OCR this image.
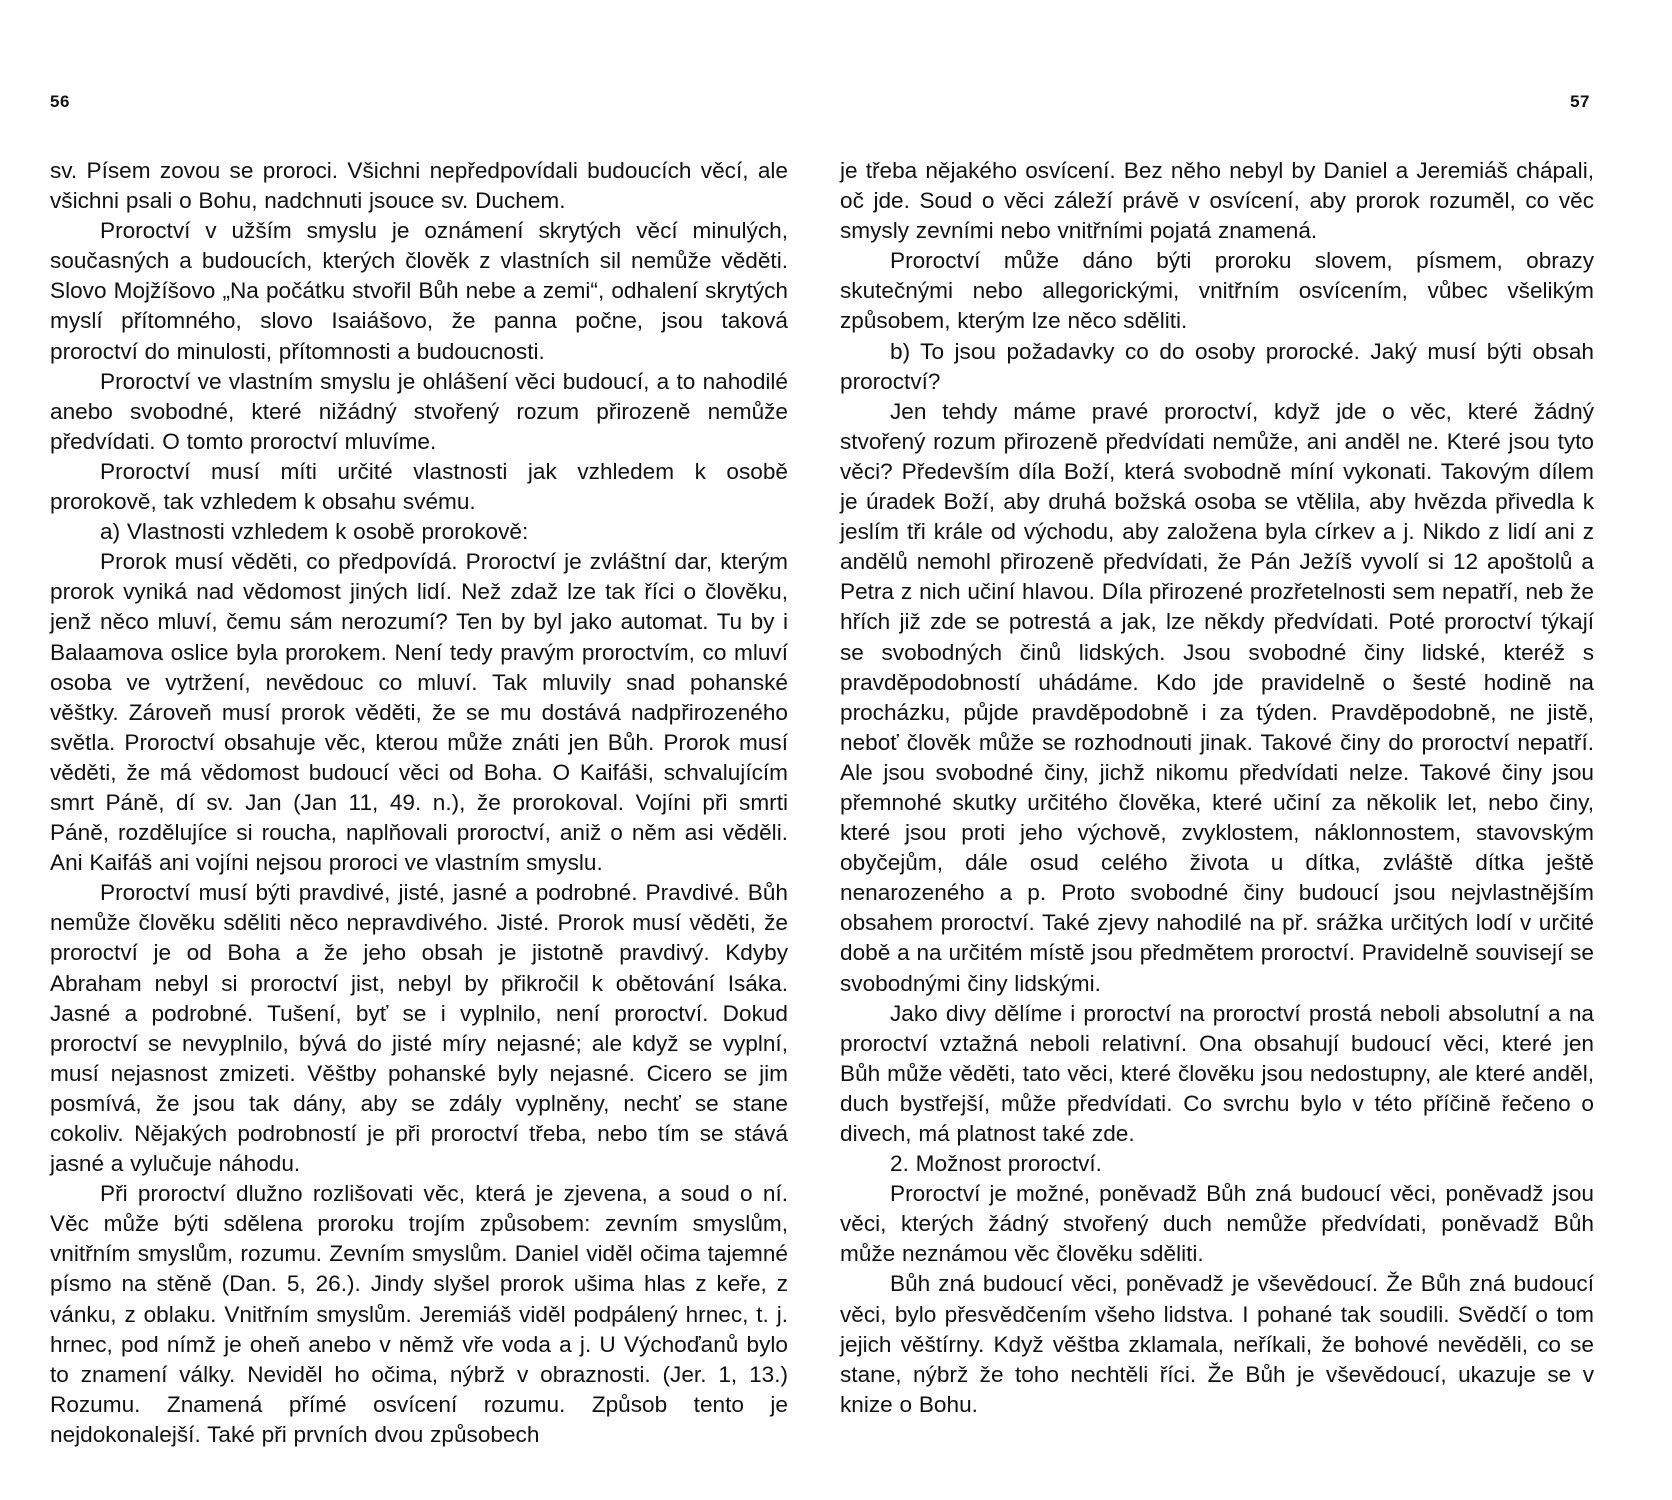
56

sv. Písem zovou se proroci. Všichni nepředpovídali budoucích věcí, ale všichni psali o Bohu, nadchnuti jsouce sv. Duchem.

Proroctví v užším smyslu je oznámení skrytých věcí minulých, současných a budoucích, kterých člověk z vlastních sil nemůže věděti. Slovo Mojžíšovo „Na počátku stvořil Bůh nebe a zemi“, odhalení skrytých myslí přítomného, slovo Isaiášovo, že panna počne, jsou taková proroctví do minulosti, přítomnosti a budoucnosti.

Proroctví ve vlastním smyslu je ohlášení věci budoucí, a to nahodilé anebo svobodné, které nižádný stvořený rozum přirozeně nemůže předvídati. O tomto proroctví mluvíme.

Proroctví musí míti určité vlastnosti jak vzhledem k osobě prorokově, tak vzhledem k obsahu svému.

a) Vlastnosti vzhledem k osobě prorokově:

Prorok musí věděti, co předpovídá. Proroctví je zvláštní dar, kterým prorok vyniká nad vědomost jiných lidí. Než zdaž lze tak říci o člověku, jenž něco mluví, čemu sám nerozumí? Ten by byl jako automat. Tu by i Balaamova oslice byla prorokem. Není tedy pravým proroctvím, co mluví osoba ve vytržení, nevědouc co mluví. Tak mluvily snad pohanské věštky. Zároveň musí prorok věděti, že se mu dostává nadpřirozeného světla. Proroctví obsahuje věc, kterou může znáti jen Bůh. Prorok musí věděti, že má vědomost budoucí věci od Boha. O Kaifáši, schvalujícím smrt Páně, dí sv. Jan (Jan 11, 49. n.), že prorokoval. Vojíni při smrti Páně, rozdělujíce si roucha, naplňovali proroctví, aniž o něm asi věděli. Ani Kaifáš ani vojíni nejsou proroci ve vlastním smyslu.

Proroctví musí býti pravdivé, jisté, jasné a podrobné. Pravdivé. Bůh nemůže člověku sděliti něco nepravdivého. Jisté. Prorok musí věděti, že proroctví je od Boha a že jeho obsah je jistotně pravdivý. Kdyby Abraham nebyl si proroctví jist, nebyl by přikročil k obětování Isáka. Jasné a podrobné. Tušení, byť se i vyplnilo, není proroctví. Dokud proroctví se nevyplnilo, bývá do jisté míry nejasné; ale když se vyplní, musí nejasnost zmizeti. Věštby pohanské byly nejasné. Cicero se jim posmívá, že jsou tak dány, aby se zdály vyplněny, nechť se stane cokoliv. Nějakých podrobností je při proroctví třeba, nebo tím se stává jasné a vylučuje náhodu.

Při proroctví dlužno rozlišovati věc, která je zjevena, a soud o ní. Věc může býti sdělena proroku trojím způsobem: zevním smyslům, vnitřním smyslům, rozumu. Zevním smyslům. Daniel viděl očima tajemné písmo na stěně (Dan. 5, 26.). Jindy slyšel prorok ušima hlas z keře, z vánku, z oblaku. Vnitřním smyslům. Jeremiáš viděl podpálený hrnec, t. j. hrnec, pod nímž je oheň anebo v němž vře voda a j. U Výchoďanů bylo to znamení války. Neviděl ho očima, nýbrž v obraznosti. (Jer. 1, 13.) Rozumu. Znamená přímé osvícení rozumu. Způsob tento je nejdokonalejší. Také při prvních dvou způsobech

57

je třeba nějakého osvícení. Bez něho nebyl by Daniel a Jeremiáš chápali, oč jde. Soud o věci záleží právě v osvícení, aby prorok rozuměl, co věc smysly zevními nebo vnitřními pojatá znamená.

Proroctví může dáno býti proroku slovem, písmem, obrazy skutečnými nebo allegorickými, vnitřním osvícením, vůbec všelikým způsobem, kterým lze něco sděliti.

b) To jsou požadavky co do osoby prorocké. Jaký musí býti obsah proroctví?

Jen tehdy máme pravé proroctví, když jde o věc, které žádný stvořený rozum přirozeně předvídati nemůže, ani anděl ne. Které jsou tyto věci? Především díla Boží, která svobodně míní vykonati. Takovým dílem je úradek Boží, aby druhá božská osoba se vtělila, aby hvězda přivedla k jeslím tři krále od východu, aby založena byla církev a j. Nikdo z lidí ani z andělů nemohl přirozeně předvídati, že Pán Ježíš vyvolí si 12 apoštolů a Petra z nich učiní hlavou. Díla přirozené prozřetelnosti sem nepatří, neb že hřích již zde se potrestá a jak, lze někdy předvídati. Poté proroctví týkají se svobodných činů lidských. Jsou svobodné činy lidské, kteréž s pravděpodobností uhádáme. Kdo jde pravidelně o šesté hodině na procházku, půjde pravděpodobně i za týden. Pravděpodobně, ne jistě, neboť člověk může se rozhodnouti jinak. Takové činy do proroctví nepatří. Ale jsou svobodné činy, jichž nikomu předvídati nelze. Takové činy jsou přemnohé skutky určitého člověka, které učiní za několik let, nebo činy, které jsou proti jeho výchově, zvyklostem, náklonnostem, stavovským obyčejům, dále osud celého života u dítka, zvláště dítka ještě nenarozeného a p. Proto svobodné činy budoucí jsou nejvlastnějším obsahem proroctví. Také zjevy nahodilé na př. srážka určitých lodí v určité době a na určitém místě jsou předmětem proroctví. Pravidelně souvisejí se svobodnými činy lidskými.

Jako divy dělíme i proroctví na proroctví prostá neboli absolutní a na proroctví vztažná neboli relativní. Ona obsahují budoucí věci, které jen Bůh může věděti, tato věci, které člověku jsou nedostupny, ale které anděl, duch bystřejší, může předvídati. Co svrchu bylo v této příčině řečeno o divech, má platnost také zde.

2. Možnost proroctví.

Proroctví je možné, poněvadž Bůh zná budoucí věci, poněvadž jsou věci, kterých žádný stvořený duch nemůže předvídati, poněvadž Bůh může neznámou věc člověku sděliti.

Bůh zná budoucí věci, poněvadž je vševědoucí. Že Bůh zná budoucí věci, bylo přesvědčením všeho lidstva. I pohané tak soudili. Svědčí o tom jejich věštírny. Když věštba zklamala, neříkali, že bohové nevěděli, co se stane, nýbrž že toho nechtěli říci. Že Bůh je vševědoucí, ukazuje se v knize o Bohu.
